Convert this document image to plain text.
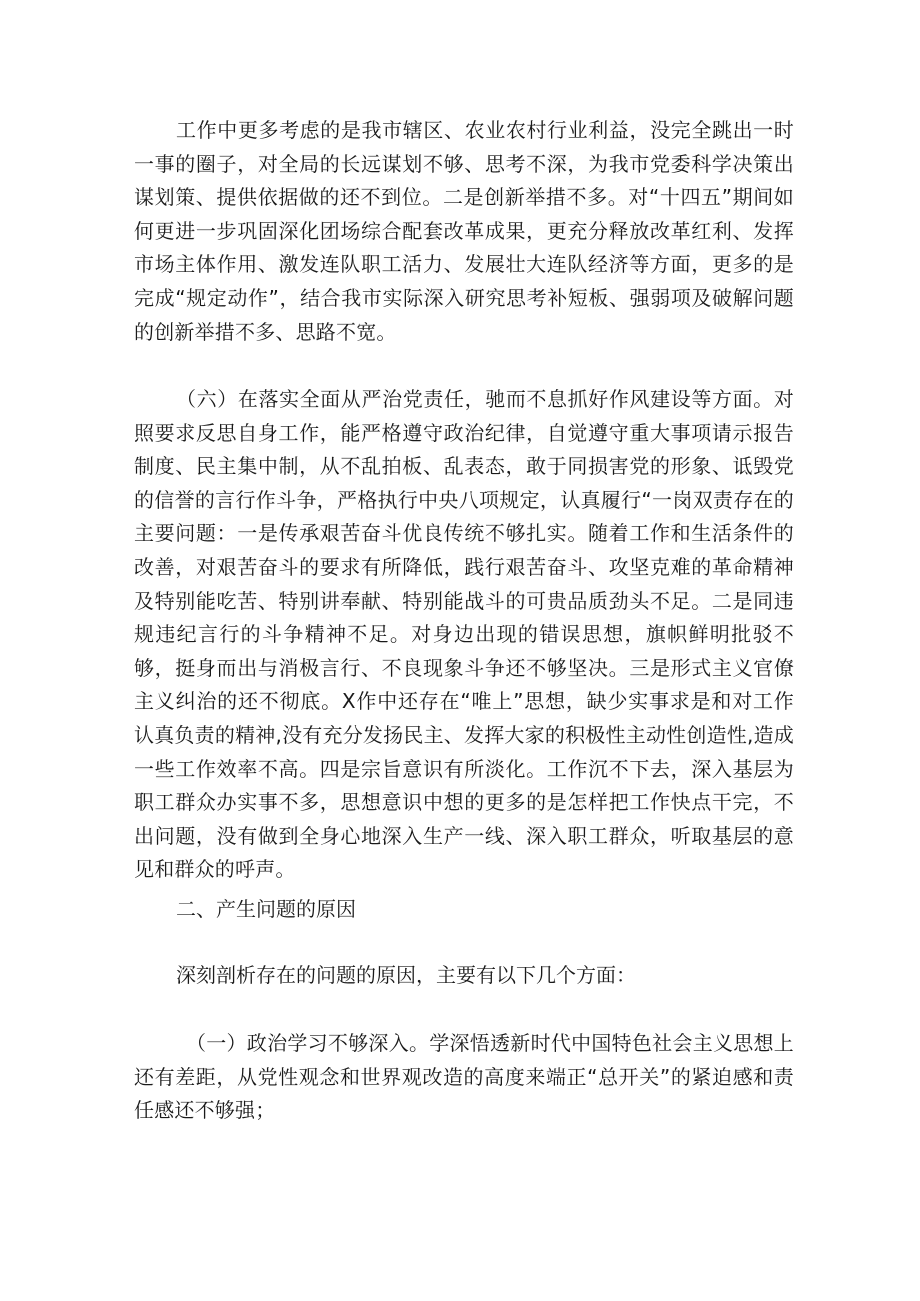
工作中更多考虑的是我市辖区、农业农村行业利益，没完全跳出一时一事的圈子，对全局的长远谋划不够、思考不深，为我市党委科学决策出谋划策、提供依据做的还不到位。二是创新举措不多。对“十四五”期间如何更进一步巩固深化团场综合配套改革成果，更充分释放改革红利、发挥市场主体作用、激发连队职工活力、发展壮大连队经济等方面，更多的是完成“规定动作”，结合我市实际深入研究思考补短板、强弱项及破解问题的创新举措不多、思路不宽。

（六）在落实全面从严治党责任，驰而不息抓好作风建设等方面。对照要求反思自身工作，能严格遵守政治纪律，自觉遵守重大事项请示报告制度、民主集中制，从不乱拍板、乱表态，敢于同损害党的形象、诋毁党的信誉的言行作斗争，严格执行中央八项规定，认真履行“一岗双责存在的主要问题：一是传承艰苦奋斗优良传统不够扎实。随着工作和生活条件的改善，对艰苦奋斗的要求有所降低，践行艰苦奋斗、攻坚克难的革命精神及特别能吃苦、特别讲奉献、特别能战斗的可贵品质劲头不足。二是同违规违纪言行的斗争精神不足。对身边出现的错误思想，旗帜鲜明批驳不够，挺身而出与消极言行、不良现象斗争还不够坚决。三是形式主义官僚主义纠治的还不彻底。X作中还存在“唯上”思想，缺少实事求是和对工作认真负责的精神,没有充分发扬民主、发挥大家的积极性主动性创造性,造成一些工作效率不高。四是宗旨意识有所淡化。工作沉不下去，深入基层为职工群众办实事不多，思想意识中想的更多的是怎样把工作快点干完，不出问题，没有做到全身心地深入生产一线、深入职工群众，听取基层的意见和群众的呼声。

二、产生问题的原因

深刻剖析存在的问题的原因，主要有以下几个方面：

（一）政治学习不够深入。学深悟透新时代中国特色社会主义思想上还有差距，从党性观念和世界观改造的高度来端正“总开关”的紧迫感和责任感还不够强；
